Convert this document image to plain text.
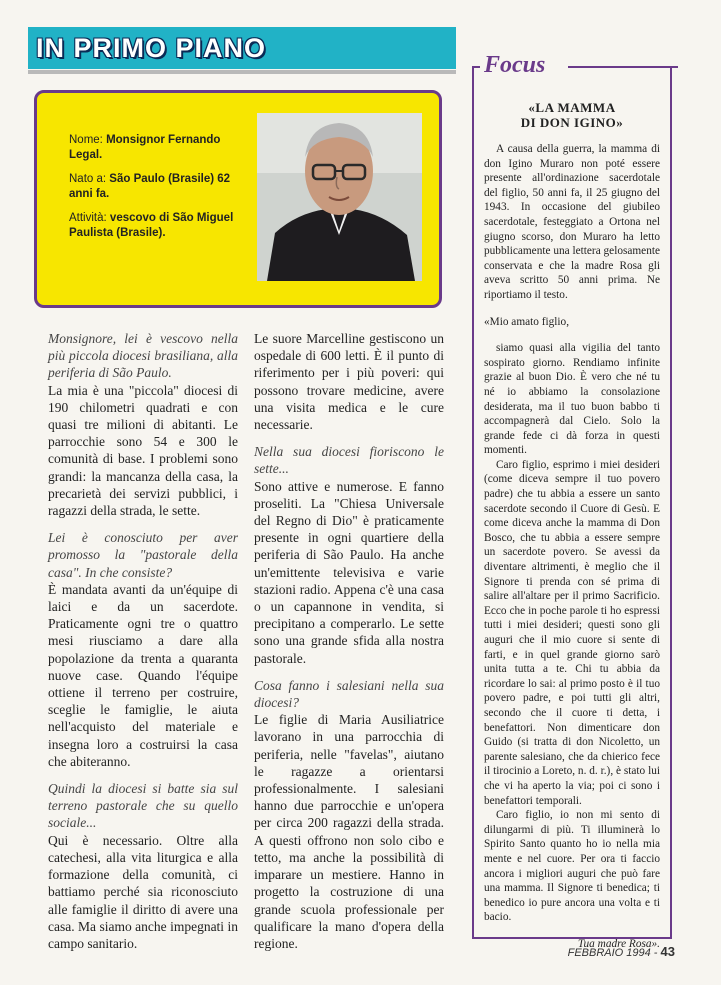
IN PRIMO PIANO

Nome: Monsignor Fernando Legal.

Nato a: São Paulo (Brasile) 62 anni fa.

Attività: vescovo di São Miguel Paulista (Brasile).

Monsignore, lei è vescovo nella più piccola diocesi brasiliana, alla periferia di São Paulo.

La mia è una "piccola" diocesi di 190 chilometri quadrati e con quasi tre milioni di abitanti. Le parrocchie sono 54 e 300 le comunità di base. I problemi sono grandi: la mancanza della casa, la precarietà dei servizi pubblici, i ragazzi della strada, le sette.

Lei è conosciuto per aver promosso la "pastorale della casa". In che consiste?

È mandata avanti da un'équipe di laici e da un sacerdote. Praticamente ogni tre o quattro mesi riusciamo a dare alla popolazione da trenta a quaranta nuove case. Quando l'équipe ottiene il terreno per costruire, sceglie le famiglie, le aiuta nell'acquisto del materiale e insegna loro a costruirsi la casa che abiteranno.

Quindi la diocesi si batte sia sul terreno pastorale che su quello sociale...

Qui è necessario. Oltre alla catechesi, alla vita liturgica e alla formazione della comunità, ci battiamo perché sia riconosciuto alle famiglie il diritto di avere una casa. Ma siamo anche impegnati in campo sanitario.

Le suore Marcelline gestiscono un ospedale di 600 letti. È il punto di riferimento per i più poveri: qui possono trovare medicine, avere una visita medica e le cure necessarie.

Nella sua diocesi fioriscono le sette...

Sono attive e numerose. E fanno proseliti. La "Chiesa Universale del Regno di Dio" è praticamente presente in ogni quartiere della periferia di São Paulo. Ha anche un'emittente televisiva e varie stazioni radio. Appena c'è una casa o un capannone in vendita, si precipitano a comperarlo. Le sette sono una grande sfida alla nostra pastorale.

Cosa fanno i salesiani nella sua diocesi?

Le figlie di Maria Ausiliatrice lavorano in una parrocchia di periferia, nelle "favelas", aiutano le ragazze a orientarsi professionalmente. I salesiani hanno due parrocchie e un'opera per circa 200 ragazzi della strada. A questi offrono non solo cibo e tetto, ma anche la possibilità di imparare un mestiere. Hanno in progetto la costruzione di una grande scuola professionale per qualificare la mano d'opera della regione.

Focus
«LA MAMMA
DI DON IGINO»

A causa della guerra, la mamma di don Igino Muraro non poté essere presente all'ordinazione sacerdotale del figlio, 50 anni fa, il 25 giugno del 1943. In occasione del giubileo sacerdotale, festeggiato a Ortona nel giugno scorso, don Muraro ha letto pubblicamente una lettera gelosamente conservata e che la madre Rosa gli aveva scritto 50 anni prima. Ne riportiamo il testo.

«Mio amato figlio,

siamo quasi alla vigilia del tanto sospirato giorno. Rendiamo infinite grazie al buon Dio. È vero che né tu né io abbiamo la consolazione desiderata, ma il tuo buon babbo ti accompagnerà dal Cielo. Solo la grande fede ci dà forza in questi momenti.

Caro figlio, esprimo i miei desideri (come diceva sempre il tuo povero padre) che tu abbia a essere un santo sacerdote secondo il Cuore di Gesù. E come diceva anche la mamma di Don Bosco, che tu abbia a essere sempre un sacerdote povero. Se avessi da diventare altrimenti, è meglio che il Signore ti prenda con sé prima di salire all'altare per il primo Sacrificio. Ecco che in poche parole ti ho espressi tutti i miei desideri; questi sono gli auguri che il mio cuore si sente di farti, e in quel grande giorno sarò unita tutta a te. Chi tu abbia da ricordare lo sai: al primo posto è il tuo povero padre, e poi tutti gli altri, secondo che il cuore ti detta, i benefattori. Non dimenticare don Guido (si tratta di don Nicoletto, un parente salesiano, che da chierico fece il tirocinio a Loreto, n. d. r.), è stato lui che vi ha aperto la via; poi ci sono i benefattori temporali.

Caro figlio, io non mi sento di dilungarmi di più. Ti illuminerà lo Spirito Santo quanto ho io nella mia mente e nel cuore. Per ora ti faccio ancora i migliori auguri che può fare una mamma. Il Signore ti benedica; ti benedico io pure ancora una volta e ti bacio.

Tua madre Rosa».

FEBBRAIO 1994 - 43
